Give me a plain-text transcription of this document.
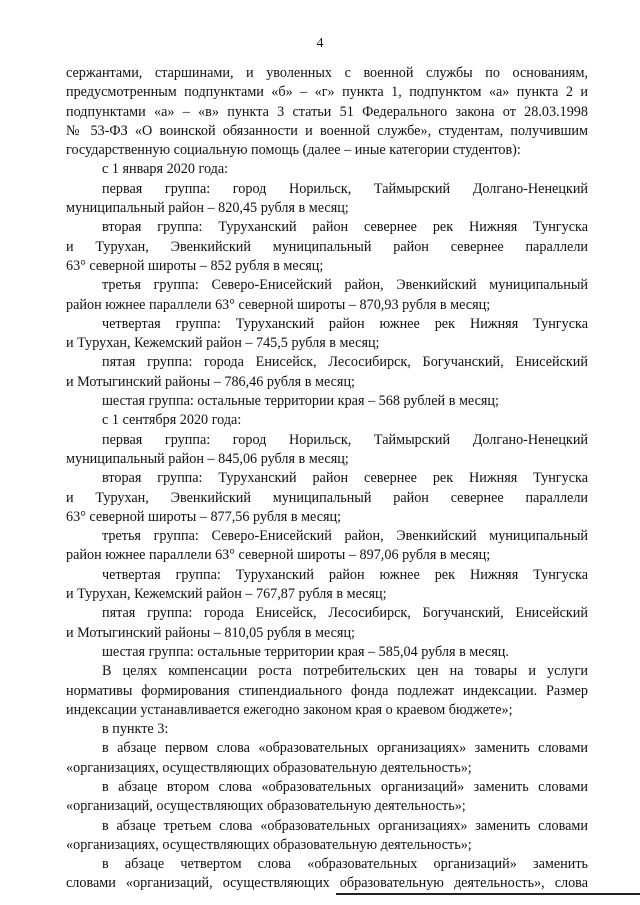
4
сержантами, старшинами, и уволенных с военной службы по основаниям,
предусмотренным подпунктами «б» – «г» пункта 1, подпунктом «а» пункта 2 и
подпунктами «а» – «в» пункта 3 статьи 51 Федерального закона от 28.03.1998
№ 53-ФЗ «О воинской обязанности и военной службе», студентам, получившим
государственную социальную помощь (далее – иные категории студентов):
с 1 января 2020 года:
первая группа: город Норильск, Таймырский Долгано-Ненецкий
муниципальный район – 820,45 рубля в месяц;
вторая группа: Туруханский район севернее рек Нижняя Тунгуска
и Турухан, Эвенкийский муниципальный район севернее параллели
63° северной широты – 852 рубля в месяц;
третья группа: Северо-Енисейский район, Эвенкийский муниципальный
район южнее параллели 63° северной широты – 870,93 рубля в месяц;
четвертая группа: Туруханский район южнее рек Нижняя Тунгуска
и Турухан, Кежемский район – 745,5 рубля в месяц;
пятая группа: города Енисейск, Лесосибирск, Богучанский, Енисейский
и Мотыгинский районы – 786,46 рубля в месяц;
шестая группа: остальные территории края – 568 рублей в месяц;
с 1 сентября 2020 года:
первая группа: город Норильск, Таймырский Долгано-Ненецкий
муниципальный район – 845,06 рубля в месяц;
вторая группа: Туруханский район севернее рек Нижняя Тунгуска
и Турухан, Эвенкийский муниципальный район севернее параллели
63° северной широты – 877,56 рубля в месяц;
третья группа: Северо-Енисейский район, Эвенкийский муниципальный
район южнее параллели 63° северной широты – 897,06 рубля в месяц;
четвертая группа: Туруханский район южнее рек Нижняя Тунгуска
и Турухан, Кежемский район – 767,87 рубля в месяц;
пятая группа: города Енисейск, Лесосибирск, Богучанский, Енисейский
и Мотыгинский районы – 810,05 рубля в месяц;
шестая группа: остальные территории края – 585,04 рубля в месяц.
В целях компенсации роста потребительских цен на товары и услуги
нормативы формирования стипендиального фонда подлежат индексации. Размер
индексации устанавливается ежегодно законом края о краевом бюджете»;
в пункте 3:
в абзаце первом слова «образовательных организациях» заменить словами
«организациях, осуществляющих образовательную деятельность»;
в абзаце втором слова «образовательных организаций» заменить словами
«организаций, осуществляющих образовательную деятельность»;
в абзаце третьем слова «образовательных организациях» заменить словами
«организациях, осуществляющих образовательную деятельность»;
в абзаце четвертом слова «образовательных организаций» заменить
словами «организаций, осуществляющих образовательную деятельность», слова
